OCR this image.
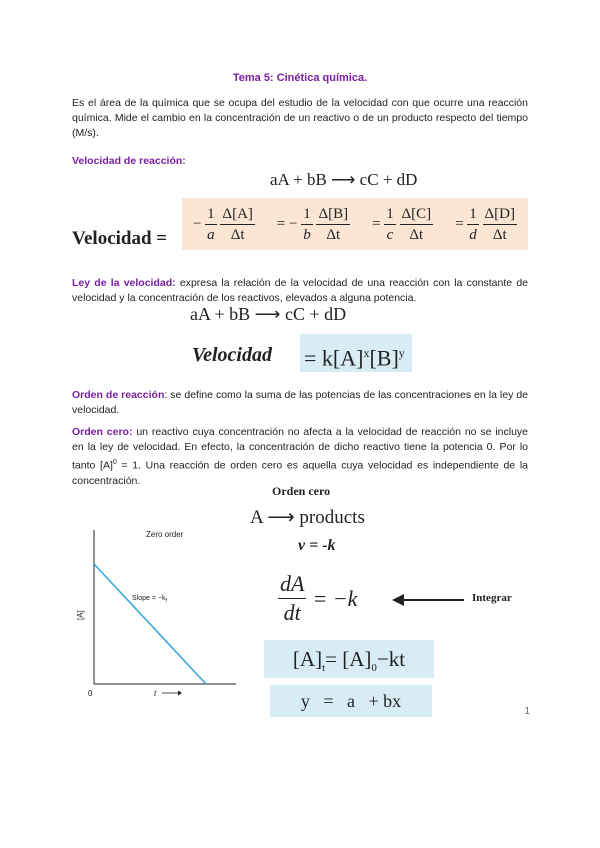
Tema 5: Cinética química.
Es el área de la química que se ocupa del estudio de la velocidad con que ocurre una reacción química. Mide el cambio en la concentración de un reactivo o de un producto respecto del tiempo (M/s).
Velocidad de reacción:
aA + bB ⟶ cC + dD
Velocidad =
− $\frac{1}{a}$
$\frac{\Delta[A]}{\Delta t}$ = − $\frac{1}{b}$
$\frac{\Delta[B]}{\Delta t} = \frac{1}{c}$
$\frac{\Delta[C]}{\Delta t} = \frac{1}{d}$
$\frac{\Delta[D]}{\Delta t}$
Ley de la velocidad: expresa la relación de la velocidad de una reacción con la constante de velocidad y la concentración de los reactivos, elevados a alguna potencia.
aA + bB ⟶ cC + dD
Velocidad = $k[A]^x[B]^y$
Orden de reacción: se define como la suma de las potencias de las concentraciones en la ley de velocidad.
Orden cero: un reactivo cuya concentración no afecta a la velocidad de reacción no se incluye en la ley de velocidad. En efecto, la concentración de dicho reactivo tiene la potencia 0. Por lo tanto $[A]^0 = 1$. Una reacción de orden cero es aquella cuya velocidad es independiente de la concentración.
Zero order
Slope = $-k_f$
[A]
0	t
Orden cero
A ⟶ products
v = -k
$\frac{dA}{dt} = -k$	Integrar
$[A]_t= [A]_0-kt$
y   =   a   + bx
1
